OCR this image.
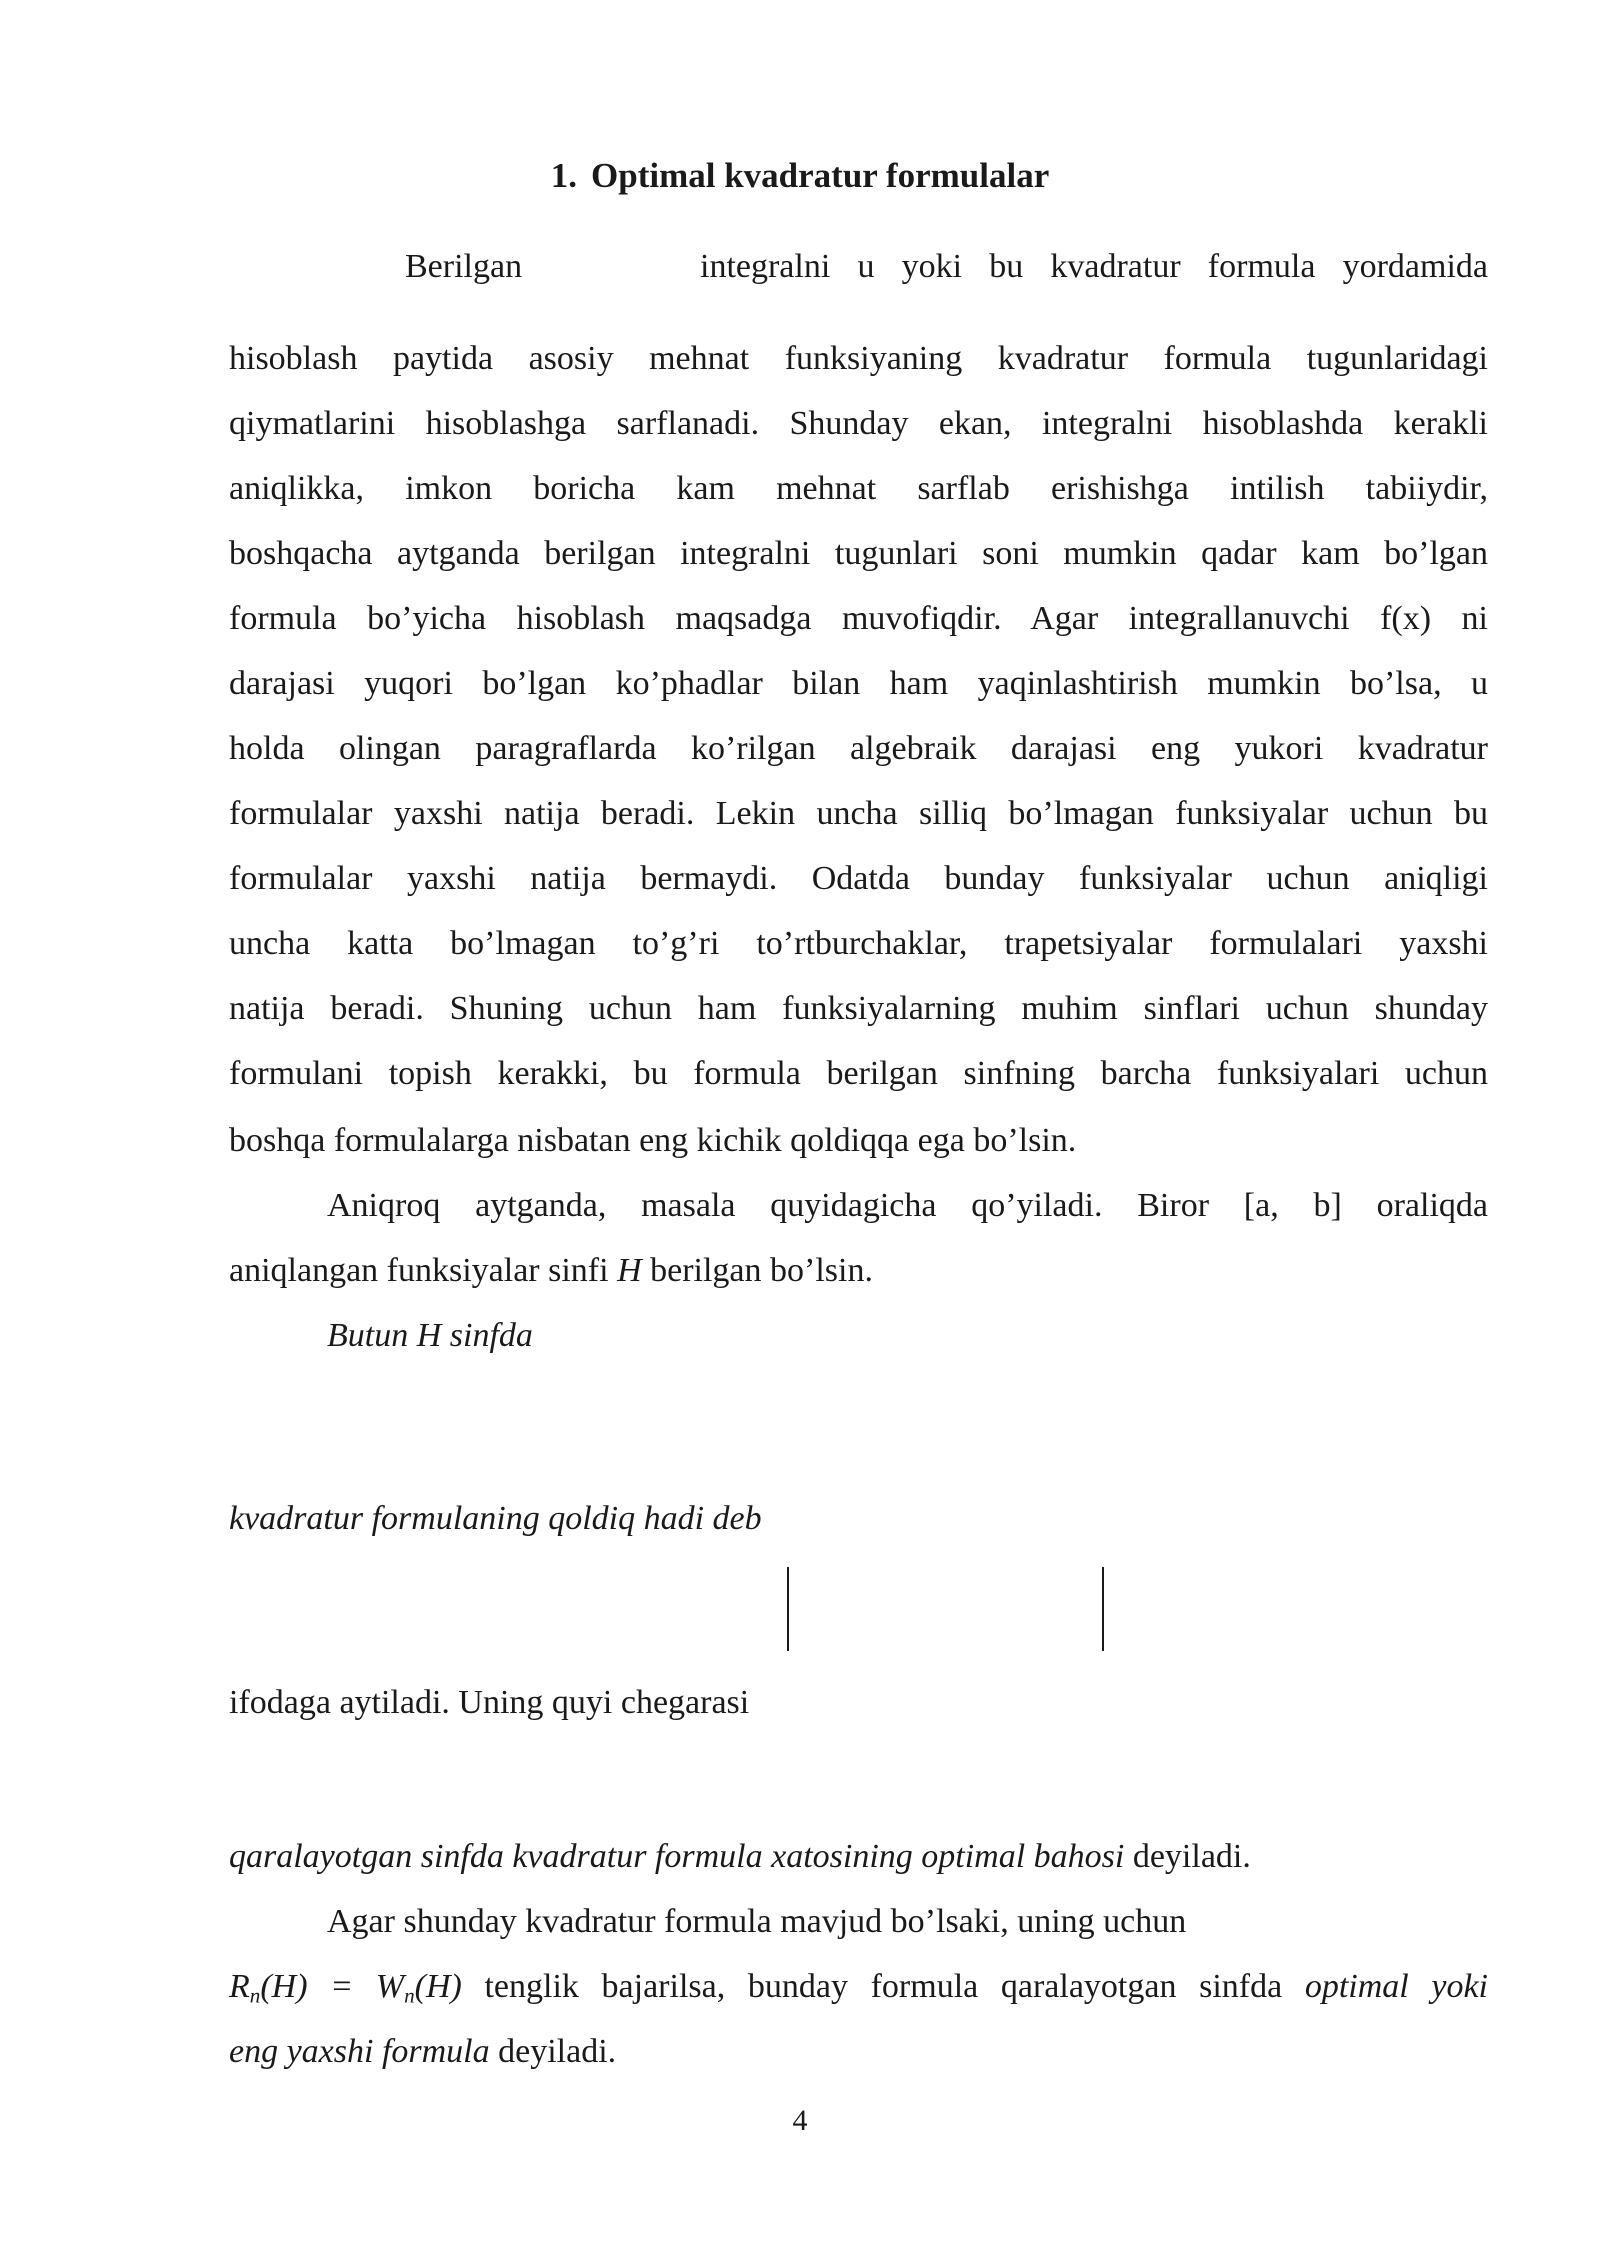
1. Optimal kvadratur formulalar
Berilgan	integralni u yoki bu kvadratur formula yordamida
hisoblash paytida asosiy mehnat funksiyaning kvadratur formula tugunlaridagi
qiymatlarini hisoblashga sarflanadi. Shunday ekan, integralni hisoblashda kerakli
aniqlikka, imkon boricha kam mehnat sarflab erishishga intilish tabiiydir,
boshqacha aytganda berilgan integralni tugunlari soni mumkin qadar kam bo’lgan
formula bo’yicha hisoblash maqsadga muvofiqdir. Agar integrallanuvchi f(x) ni
darajasi yuqori bo’lgan ko’phadlar bilan ham yaqinlashtirish mumkin bo’lsa, u
holda olingan paragraflarda ko’rilgan algebraik darajasi eng yukori kvadratur
formulalar yaxshi natija beradi. Lekin uncha silliq bo’lmagan funksiyalar uchun bu
formulalar yaxshi natija bermaydi. Odatda bunday funksiyalar uchun aniqligi
uncha katta bo’lmagan to’g’ri to’rtburchaklar, trapetsiyalar formulalari yaxshi
natija beradi. Shuning uchun ham funksiyalarning muhim sinflari uchun shunday
formulani topish kerakki, bu formula berilgan sinfning barcha funksiyalari uchun
boshqa formulalarga nisbatan eng kichik qoldiqqa ega bo’lsin.
Aniqroq aytganda, masala quyidagicha qo’yiladi. Biror [a, b] oraliqda
aniqlangan funksiyalar sinfi H berilgan bo’lsin.
Butun H sinfda
kvadratur formulaning qoldiq hadi deb
ifodaga aytiladi. Uning quyi chegarasi
qaralayotgan sinfda kvadratur formula xatosining optimal bahosi deyiladi.
Agar shunday kvadratur formula mavjud bo’lsaki, uning uchun
$R_n(H) = W_n(H)$ tenglik bajarilsa, bunday formula qaralayotgan sinfda optimal yoki
eng yaxshi formula deyiladi.
4
